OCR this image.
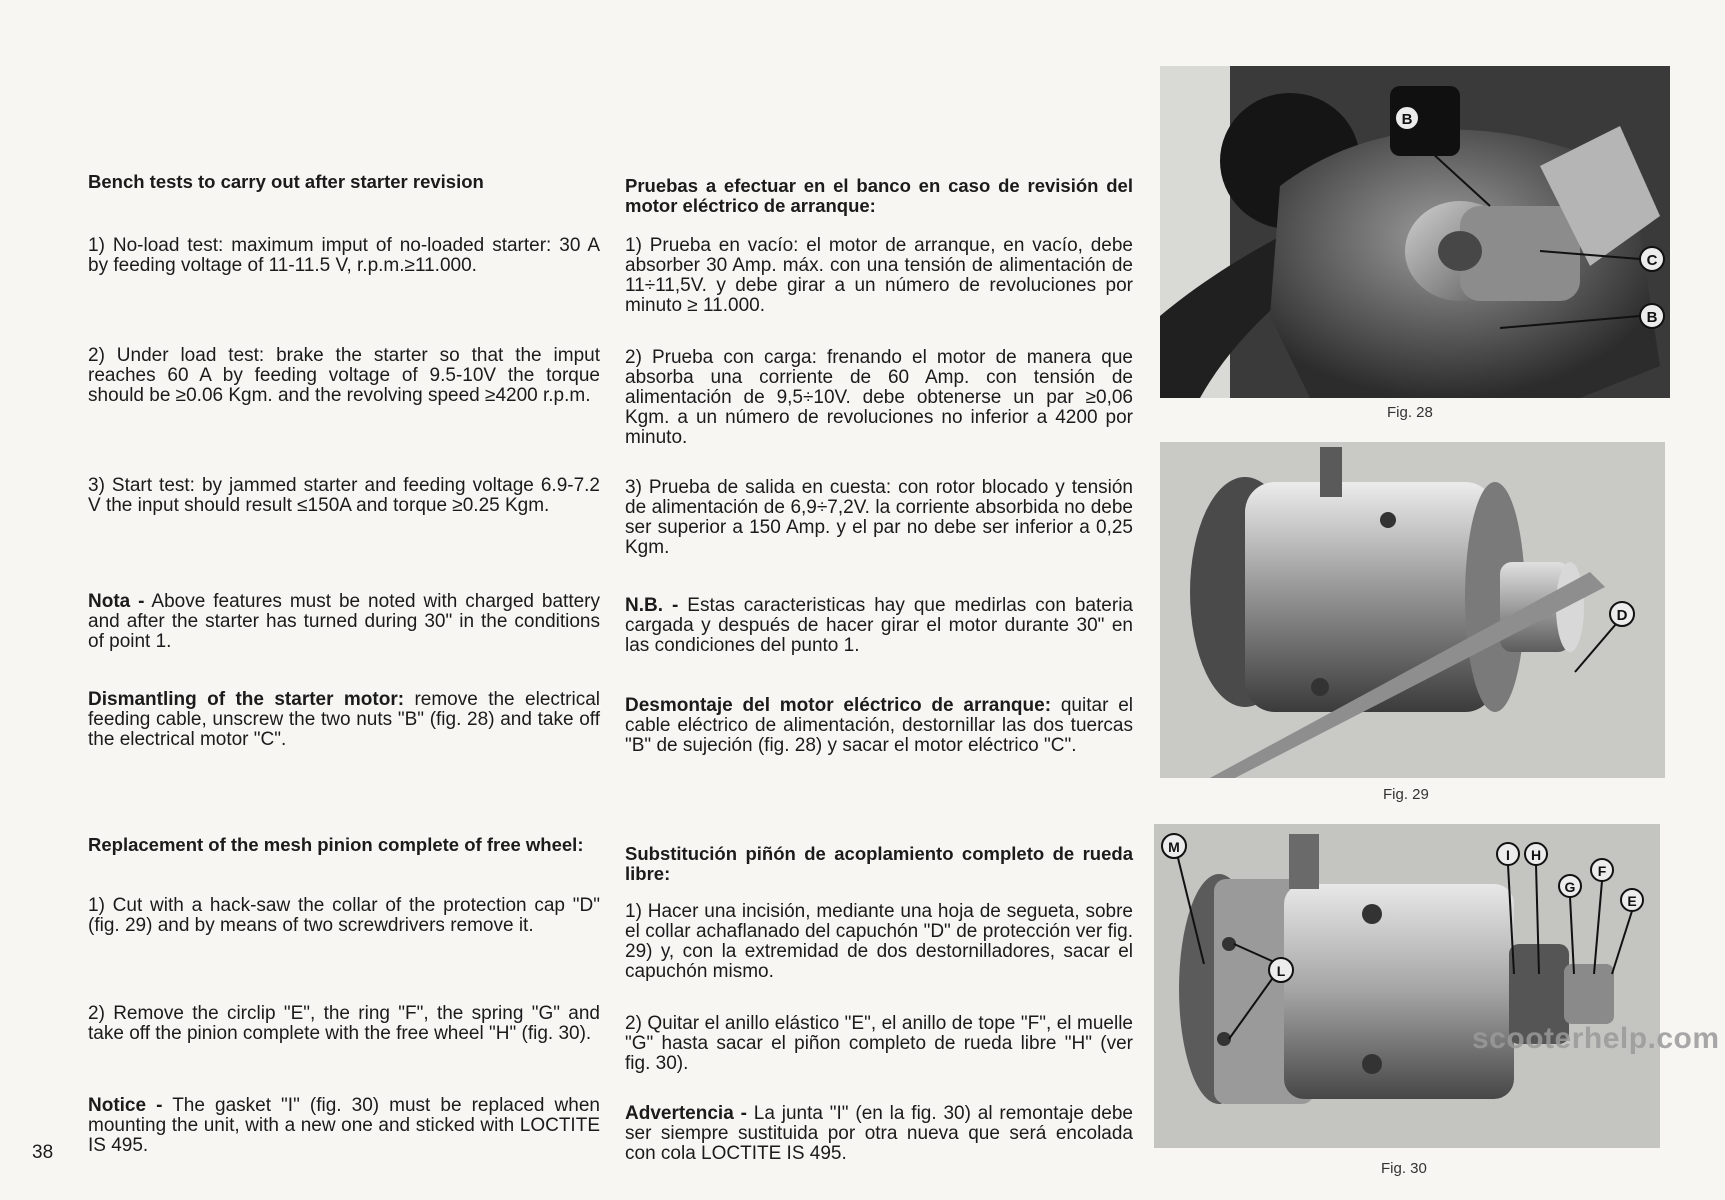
Bench tests to carry out after starter revision
1) No-load test: maximum imput of no-loaded starter: 30 A by feeding voltage of 11-11.5 V, r.p.m.≥11.000.
2) Under load test: brake the starter so that the imput reaches 60 A by feeding voltage of 9.5-10V the torque should be ≥0.06 Kgm. and the revolving speed ≥4200 r.p.m.
3) Start test: by jammed starter and feeding voltage 6.9-7.2 V the input should result ≤150A and torque ≥0.25 Kgm.
Nota - Above features must be noted with charged battery and after the starter has turned during 30" in the conditions of point 1.
Dismantling of the starter motor: remove the electrical feeding cable, unscrew the two nuts "B" (fig. 28) and take off the electrical motor "C".
Replacement of the mesh pinion complete of free wheel:
1) Cut with a hack-saw the collar of the protection cap "D" (fig. 29) and by means of two screwdrivers remove it.
2) Remove the circlip "E", the ring "F", the spring "G" and take off the pinion complete with the free wheel "H" (fig. 30).
Notice - The gasket "I" (fig. 30) must be replaced when mounting the unit, with a new one and sticked with LOCTITE IS 495.
Pruebas a efectuar en el banco en caso de revisión del motor eléctrico de arranque:
1) Prueba en vacío: el motor de arranque, en vacío, debe absorber 30 Amp. máx. con una tensión de alimentación de 11÷11,5V. y debe girar a un número de revoluciones por minuto ≥ 11.000.
2) Prueba con carga: frenando el motor de manera que absorba una corriente de 60 Amp. con tensión de alimentación de 9,5÷10V. debe obtenerse un par ≥0,06 Kgm. a un número de revoluciones no inferior a 4200 por minuto.
3) Prueba de salida en cuesta: con rotor blocado y tensión de alimentación de 6,9÷7,2V. la corriente absorbida no debe ser superior a 150 Amp. y el par no debe ser inferior a 0,25 Kgm.
N.B. - Estas caracteristicas hay que medirlas con bateria cargada y después de hacer girar el motor durante 30" en las condiciones del punto 1.
Desmontaje del motor eléctrico de arranque: quitar el cable eléctrico de alimentación, destornillar las dos tuercas "B" de sujeción (fig. 28) y sacar el motor eléctrico "C".
Substitución piñón de acoplamiento completo de rueda libre:
1) Hacer una incisión, mediante una hoja de segueta, sobre el collar achaflanado del capuchón "D" de protección ver fig. 29) y, con la extremidad de dos destornilladores, sacar el capuchón mismo.
2) Quitar el anillo elástico "E", el anillo de tope "F", el muelle "G" hasta sacar el piñon completo de rueda libre "H" (ver fig. 30).
Advertencia - La junta "I" (en la fig. 30) al remontaje debe ser siempre sustituida por otra nueva que será encolada con cola LOCTITE IS 495.
38
B
C
B
Fig. 28
D
Fig. 29
M	I H
G
F
E
L
Fig. 30
scooterhelp.com
